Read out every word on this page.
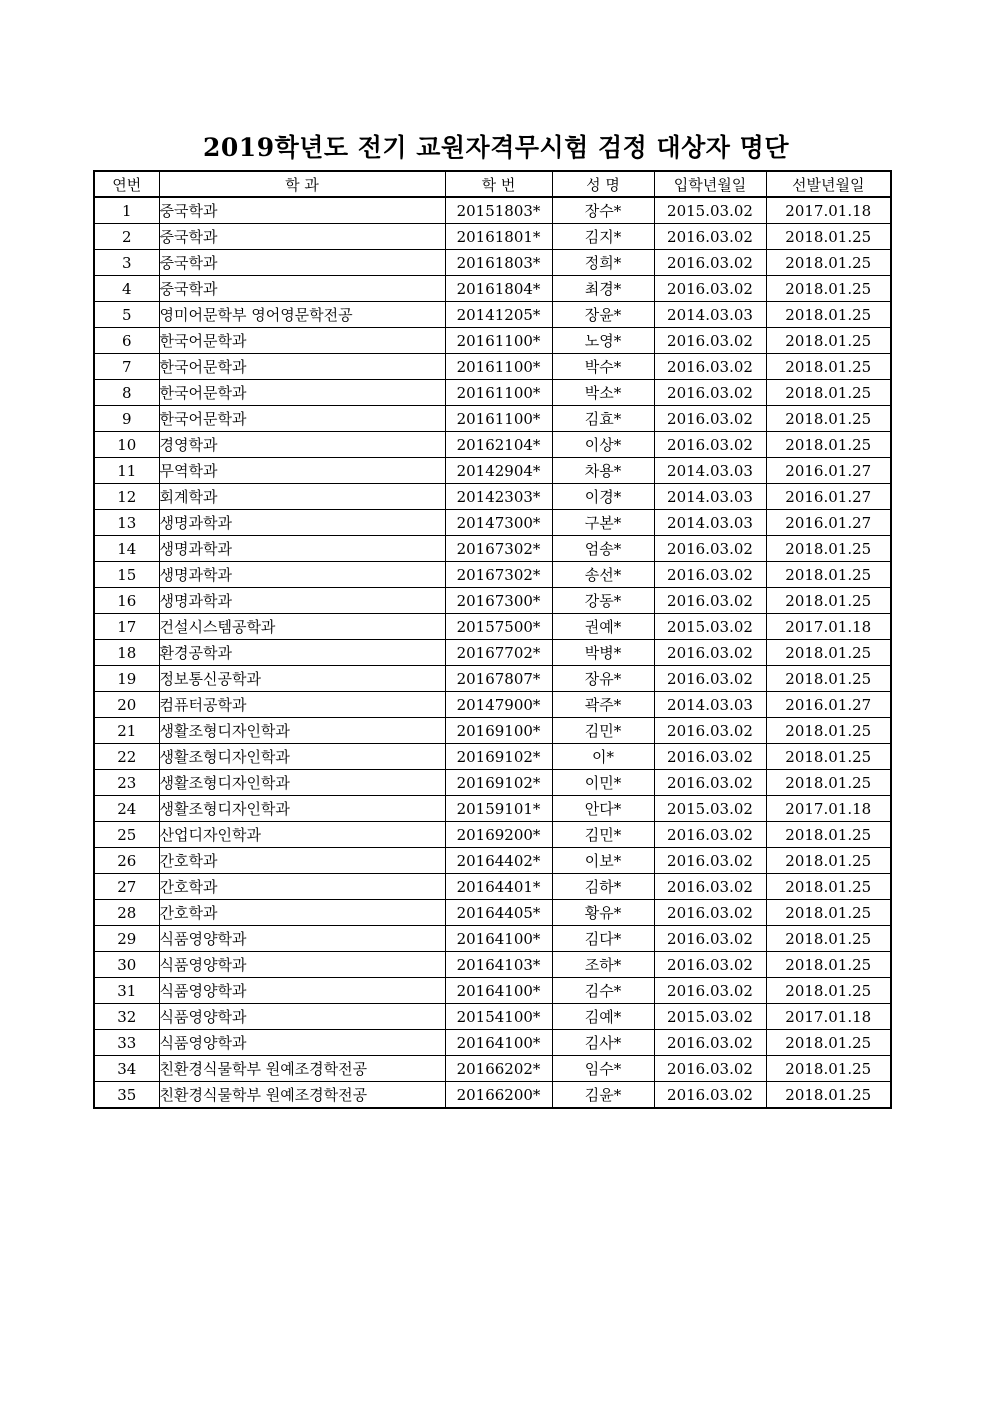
2019학년도 전기 교원자격무시험 검정 대상자 명단
연번	학 과	학 번	성 명	입학년월일	선발년월일
1	중국학과	20151803*	장수*	2015.03.02	2017.01.18
2	중국학과	20161801*	김지*	2016.03.02	2018.01.25
3	중국학과	20161803*	정희*	2016.03.02	2018.01.25
4	중국학과	20161804*	최경*	2016.03.02	2018.01.25
5	영미어문학부 영어영문학전공	20141205*	장윤*	2014.03.03	2018.01.25
6	한국어문학과	20161100*	노영*	2016.03.02	2018.01.25
7	한국어문학과	20161100*	박수*	2016.03.02	2018.01.25
8	한국어문학과	20161100*	박소*	2016.03.02	2018.01.25
9	한국어문학과	20161100*	김효*	2016.03.02	2018.01.25
10	경영학과	20162104*	이상*	2016.03.02	2018.01.25
11	무역학과	20142904*	차용*	2014.03.03	2016.01.27
12	회계학과	20142303*	이경*	2014.03.03	2016.01.27
13	생명과학과	20147300*	구본*	2014.03.03	2016.01.27
14	생명과학과	20167302*	엄송*	2016.03.02	2018.01.25
15	생명과학과	20167302*	송선*	2016.03.02	2018.01.25
16	생명과학과	20167300*	강동*	2016.03.02	2018.01.25
17	건설시스템공학과	20157500*	권예*	2015.03.02	2017.01.18
18	환경공학과	20167702*	박병*	2016.03.02	2018.01.25
19	정보통신공학과	20167807*	장유*	2016.03.02	2018.01.25
20	컴퓨터공학과	20147900*	곽주*	2014.03.03	2016.01.27
21	생활조형디자인학과	20169100*	김민*	2016.03.02	2018.01.25
22	생활조형디자인학과	20169102*	이*	2016.03.02	2018.01.25
23	생활조형디자인학과	20169102*	이민*	2016.03.02	2018.01.25
24	생활조형디자인학과	20159101*	안다*	2015.03.02	2017.01.18
25	산업디자인학과	20169200*	김민*	2016.03.02	2018.01.25
26	간호학과	20164402*	이보*	2016.03.02	2018.01.25
27	간호학과	20164401*	김하*	2016.03.02	2018.01.25
28	간호학과	20164405*	황유*	2016.03.02	2018.01.25
29	식품영양학과	20164100*	김다*	2016.03.02	2018.01.25
30	식품영양학과	20164103*	조하*	2016.03.02	2018.01.25
31	식품영양학과	20164100*	김수*	2016.03.02	2018.01.25
32	식품영양학과	20154100*	김예*	2015.03.02	2017.01.18
33	식품영양학과	20164100*	김사*	2016.03.02	2018.01.25
34	친환경식물학부 원예조경학전공	20166202*	임수*	2016.03.02	2018.01.25
35	친환경식물학부 원예조경학전공	20166200*	김윤*	2016.03.02	2018.01.25
